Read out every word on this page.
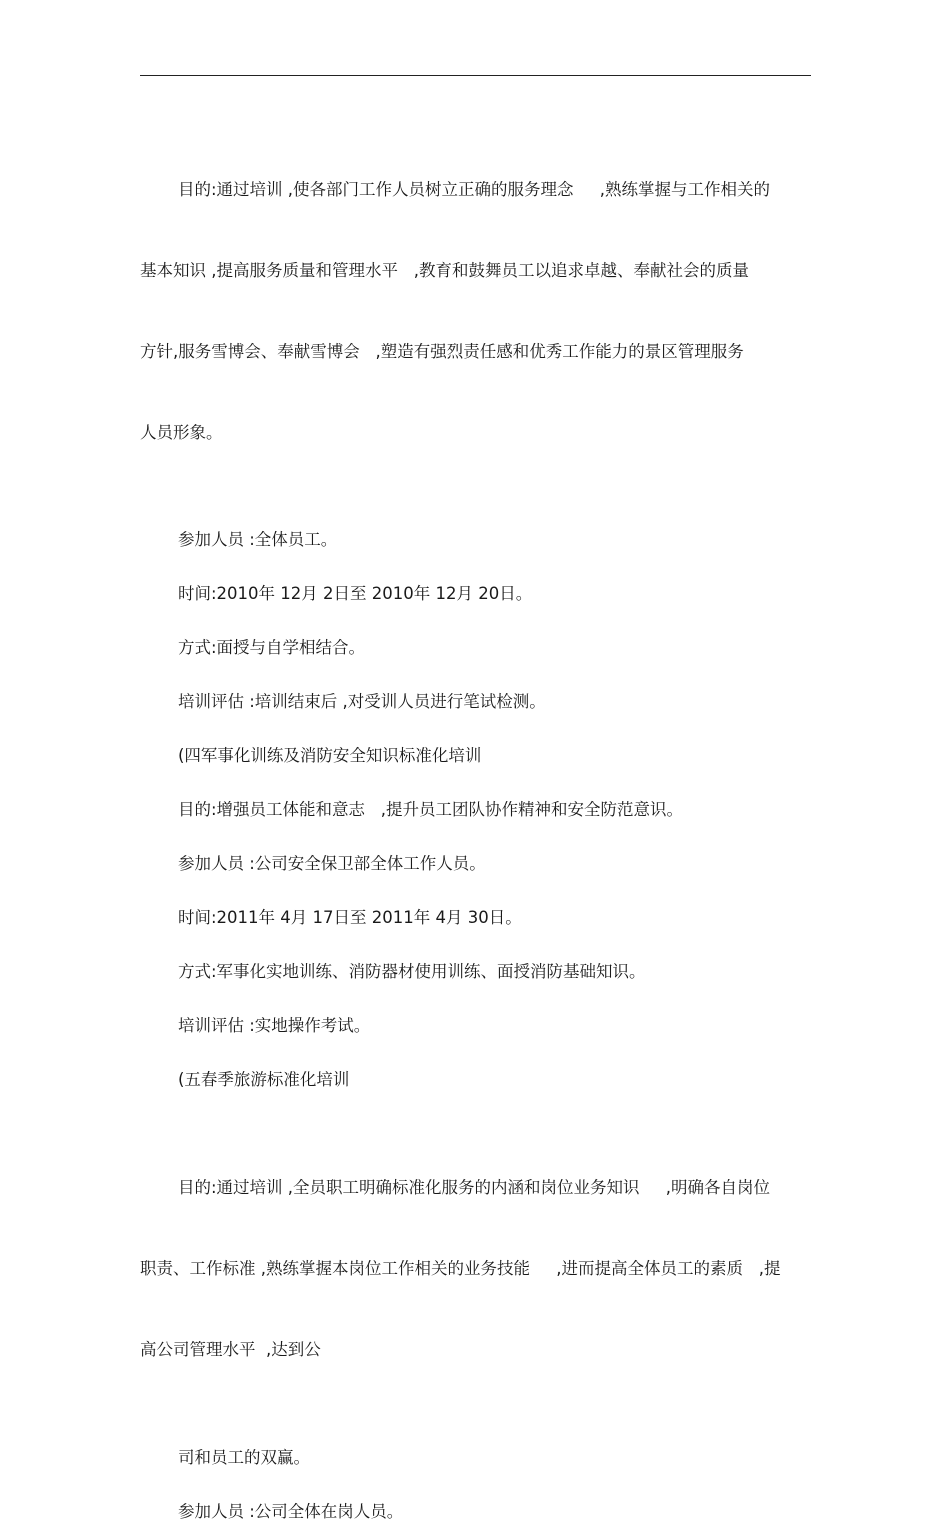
目的:通过培训 ,使各部门工作人员树立正确的服务理念     ,熟练掌握与工作相关的

基本知识 ,提高服务质量和管理水平   ,教育和鼓舞员工以追求卓越、奉献社会的质量

方针,服务雪博会、奉献雪博会   ,塑造有强烈责任感和优秀工作能力的景区管理服务

人员形象。

参加人员 :全体员工。
时间:2010年 12月 2日至 2010年 12月 20日。
方式:面授与自学相结合。
培训评估 :培训结束后 ,对受训人员进行笔试检测。
(四军事化训练及消防安全知识标准化培训
目的:增强员工体能和意志   ,提升员工团队协作精神和安全防范意识。
参加人员 :公司安全保卫部全体工作人员。
时间:2011年 4月 17日至 2011年 4月 30日。
方式:军事化实地训练、消防器材使用训练、面授消防基础知识。
培训评估 :实地操作考试。
(五春季旅游标准化培训

目的:通过培训 ,全员职工明确标准化服务的内涵和岗位业务知识     ,明确各自岗位

职责、工作标准 ,熟练掌握本岗位工作相关的业务技能     ,进而提高全体员工的素质   ,提

高公司管理水平  ,达到公

司和员工的双赢。
参加人员 :公司全体在岗人员。
